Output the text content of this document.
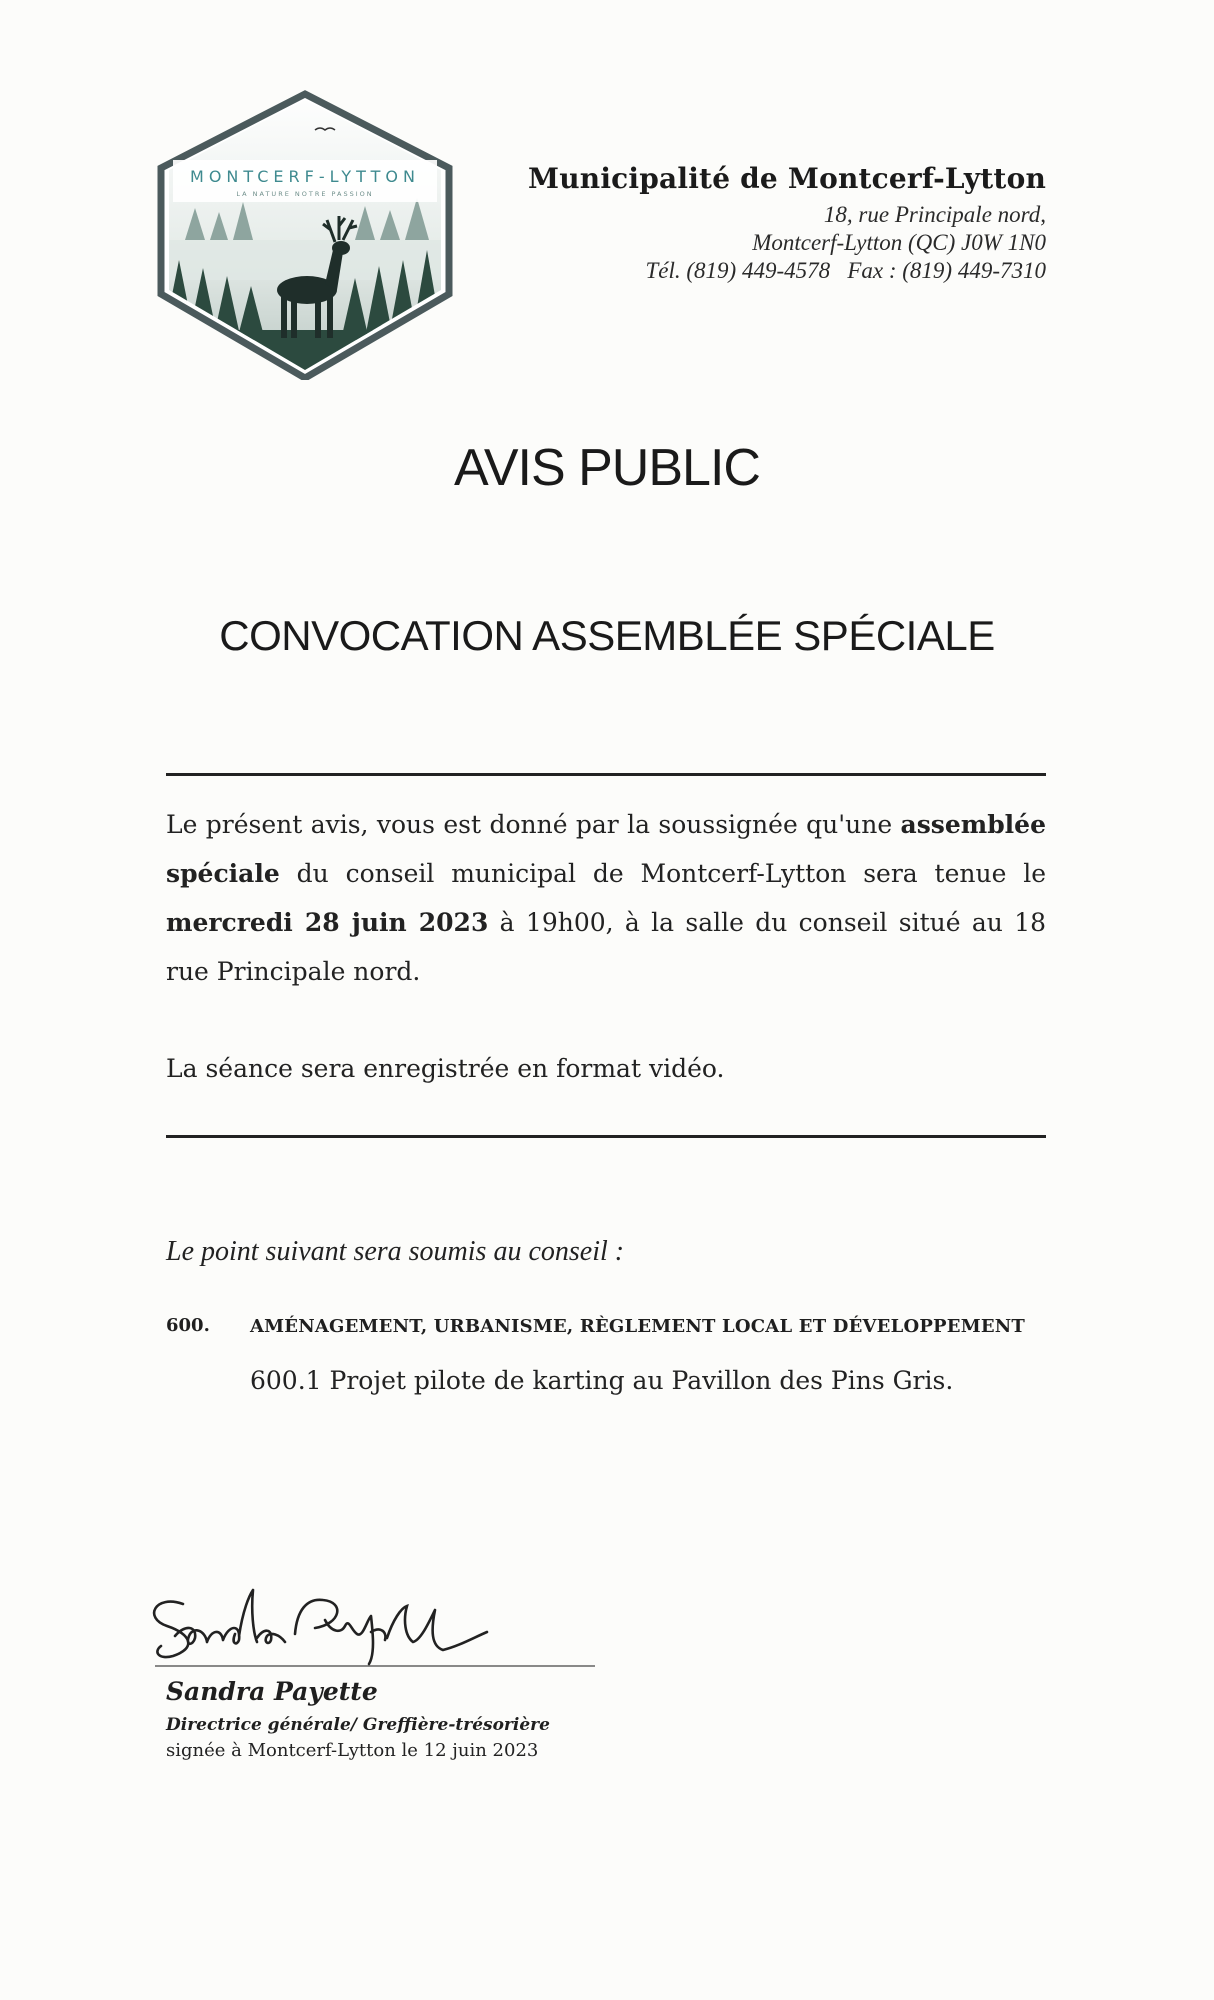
MONTCERF-LYTTON
LA NATURE NOTRE PASSION	Municipalité de Montcerf-Lytton
18, rue Principale nord,
Montcerf-Lytton (QC) J0W 1N0
Tél. (819) 449-4578   Fax : (819) 449-7310
AVIS PUBLIC
CONVOCATION ASSEMBLÉE SPÉCIALE
Le présent avis, vous est donné par la soussignée qu'une assemblée spéciale du conseil municipal de Montcerf-Lytton sera tenue le mercredi 28 juin 2023 à 19h00, à la salle du conseil situé au 18 rue Principale nord.
La séance sera enregistrée en format vidéo.
Le point suivant sera soumis au conseil :
600. AMÉNAGEMENT, URBANISME, RÈGLEMENT LOCAL ET DÉVELOPPEMENT
600.1 Projet pilote de karting au Pavillon des Pins Gris.
Sandra Payette
Directrice générale/ Greffière-trésorière
signée à Montcerf-Lytton le 12 juin 2023
